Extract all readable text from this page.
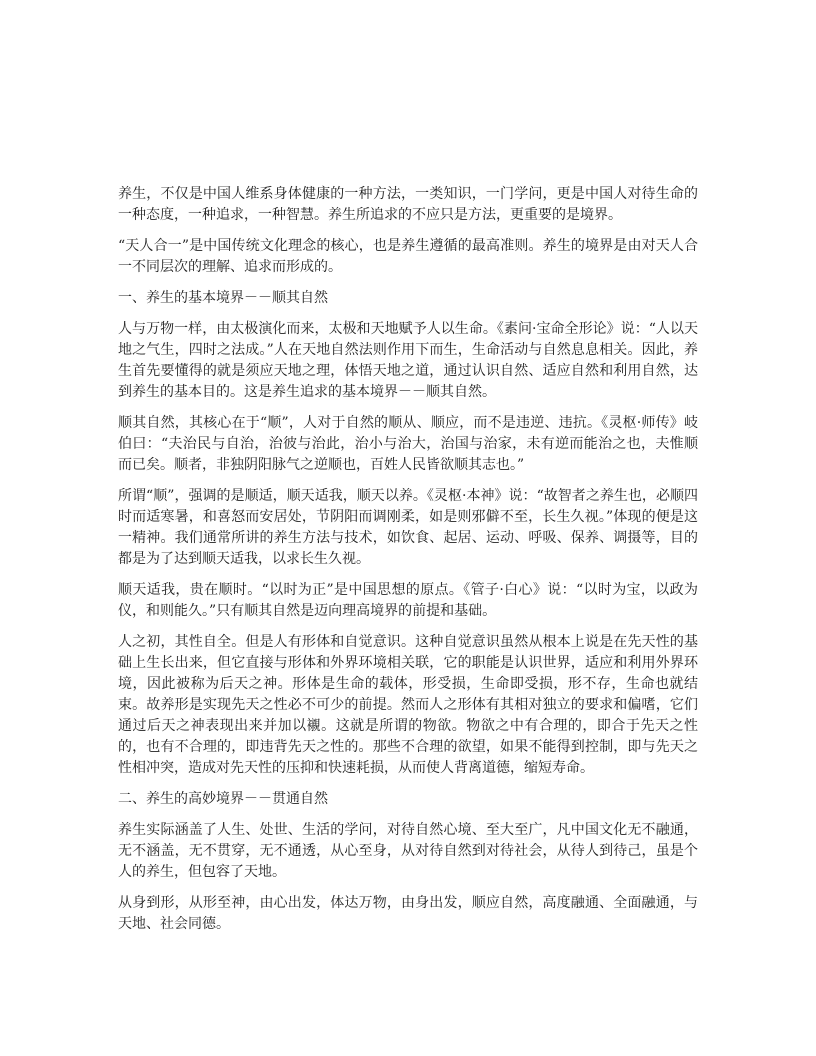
养生，不仅是中国人维系身体健康的一种方法，一类知识，一门学问，更是中国人对待生命的一种态度，一种追求，一种智慧。养生所追求的不应只是方法，更重要的是境界。

“天人合一”是中国传统文化理念的核心，也是养生遵循的最高准则。养生的境界是由对天人合一不同层次的理解、追求而形成的。

一、养生的基本境界－－顺其自然

人与万物一样，由太极演化而来，太极和天地赋予人以生命。《素问·宝命全形论》说：“人以天地之气生，四时之法成。”人在天地自然法则作用下而生，生命活动与自然息息相关。因此，养生首先要懂得的就是须应天地之理，体悟天地之道，通过认识自然、适应自然和利用自然，达到养生的基本目的。这是养生追求的基本境界－－顺其自然。

顺其自然，其核心在于“顺”，人对于自然的顺从、顺应，而不是违逆、违抗。《灵枢·师传》岐伯曰：“夫治民与自治，治彼与治此，治小与治大，治国与治家，未有逆而能治之也，夫惟顺而已矣。顺者，非独阴阳脉气之逆顺也，百姓人民皆欲顺其志也。”

所谓“顺”，强调的是顺适，顺天适我，顺天以养。《灵枢·本神》说：“故智者之养生也，必顺四时而适寒暑，和喜怒而安居处，节阴阳而调刚柔，如是则邪僻不至，长生久视。”体现的便是这一精神。我们通常所讲的养生方法与技术，如饮食、起居、运动、呼吸、保养、调摄等，目的都是为了达到顺天适我，以求长生久视。

顺天适我，贵在顺时。“以时为正”是中国思想的原点。《管子·白心》说：“以时为宝，以政为仪，和则能久。”只有顺其自然是迈向理高境界的前提和基础。

人之初，其性自全。但是人有形体和自觉意识。这种自觉意识虽然从根本上说是在先天性的基础上生长出来，但它直接与形体和外界环境相关联，它的职能是认识世界，适应和利用外界环境，因此被称为后天之神。形体是生命的载体，形受损，生命即受损，形不存，生命也就结束。故养形是实现先天之性必不可少的前提。然而人之形体有其相对独立的要求和偏嗜，它们通过后天之神表现出来并加以襯。这就是所谓的物欲。物欲之中有合理的，即合于先天之性的，也有不合理的，即违背先天之性的。那些不合理的欲望，如果不能得到控制，即与先天之性相冲突，造成对先天性的压抑和快速耗损，从而使人背离道德，缩短寿命。

二、养生的高妙境界－－贯通自然

养生实际涵盖了人生、处世、生活的学问，对待自然心境、至大至广，凡中国文化无不融通，无不涵盖，无不贯穿，无不通透，从心至身，从对待自然到对待社会，从待人到待己，虽是个人的养生，但包容了天地。

从身到形，从形至神，由心出发，体达万物，由身出发，顺应自然，高度融通、全面融通，与天地、社会同德。
